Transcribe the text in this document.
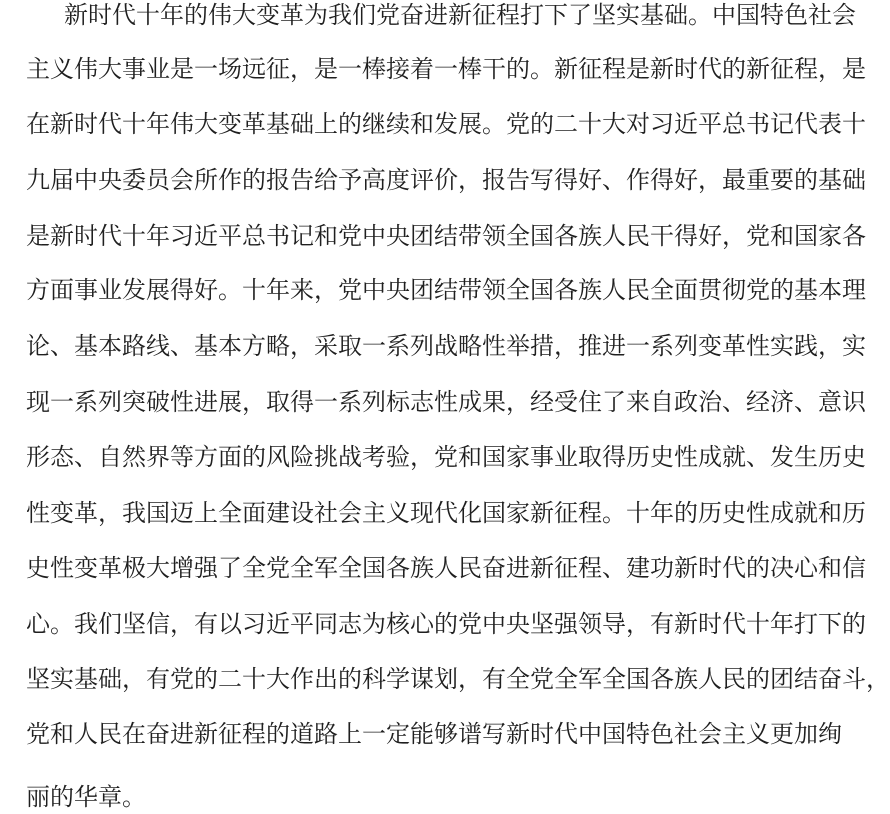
新时代十年的伟大变革为我们党奋进新征程打下了坚实基础。中国特色社会
主义伟大事业是一场远征，是一棒接着一棒干的。新征程是新时代的新征程，是
在新时代十年伟大变革基础上的继续和发展。党的二十大对习近平总书记代表十
九届中央委员会所作的报告给予高度评价，报告写得好、作得好，最重要的基础
是新时代十年习近平总书记和党中央团结带领全国各族人民干得好，党和国家各
方面事业发展得好。十年来，党中央团结带领全国各族人民全面贯彻党的基本理
论、基本路线、基本方略，采取一系列战略性举措，推进一系列变革性实践，实
现一系列突破性进展，取得一系列标志性成果，经受住了来自政治、经济、意识
形态、自然界等方面的风险挑战考验，党和国家事业取得历史性成就、发生历史
性变革，我国迈上全面建设社会主义现代化国家新征程。十年的历史性成就和历
史性变革极大增强了全党全军全国各族人民奋进新征程、建功新时代的决心和信
心。我们坚信，有以习近平同志为核心的党中央坚强领导，有新时代十年打下的
坚实基础，有党的二十大作出的科学谋划，有全党全军全国各族人民的团结奋斗，
党和人民在奋进新征程的道路上一定能够谱写新时代中国特色社会主义更加绚
丽的华章。
